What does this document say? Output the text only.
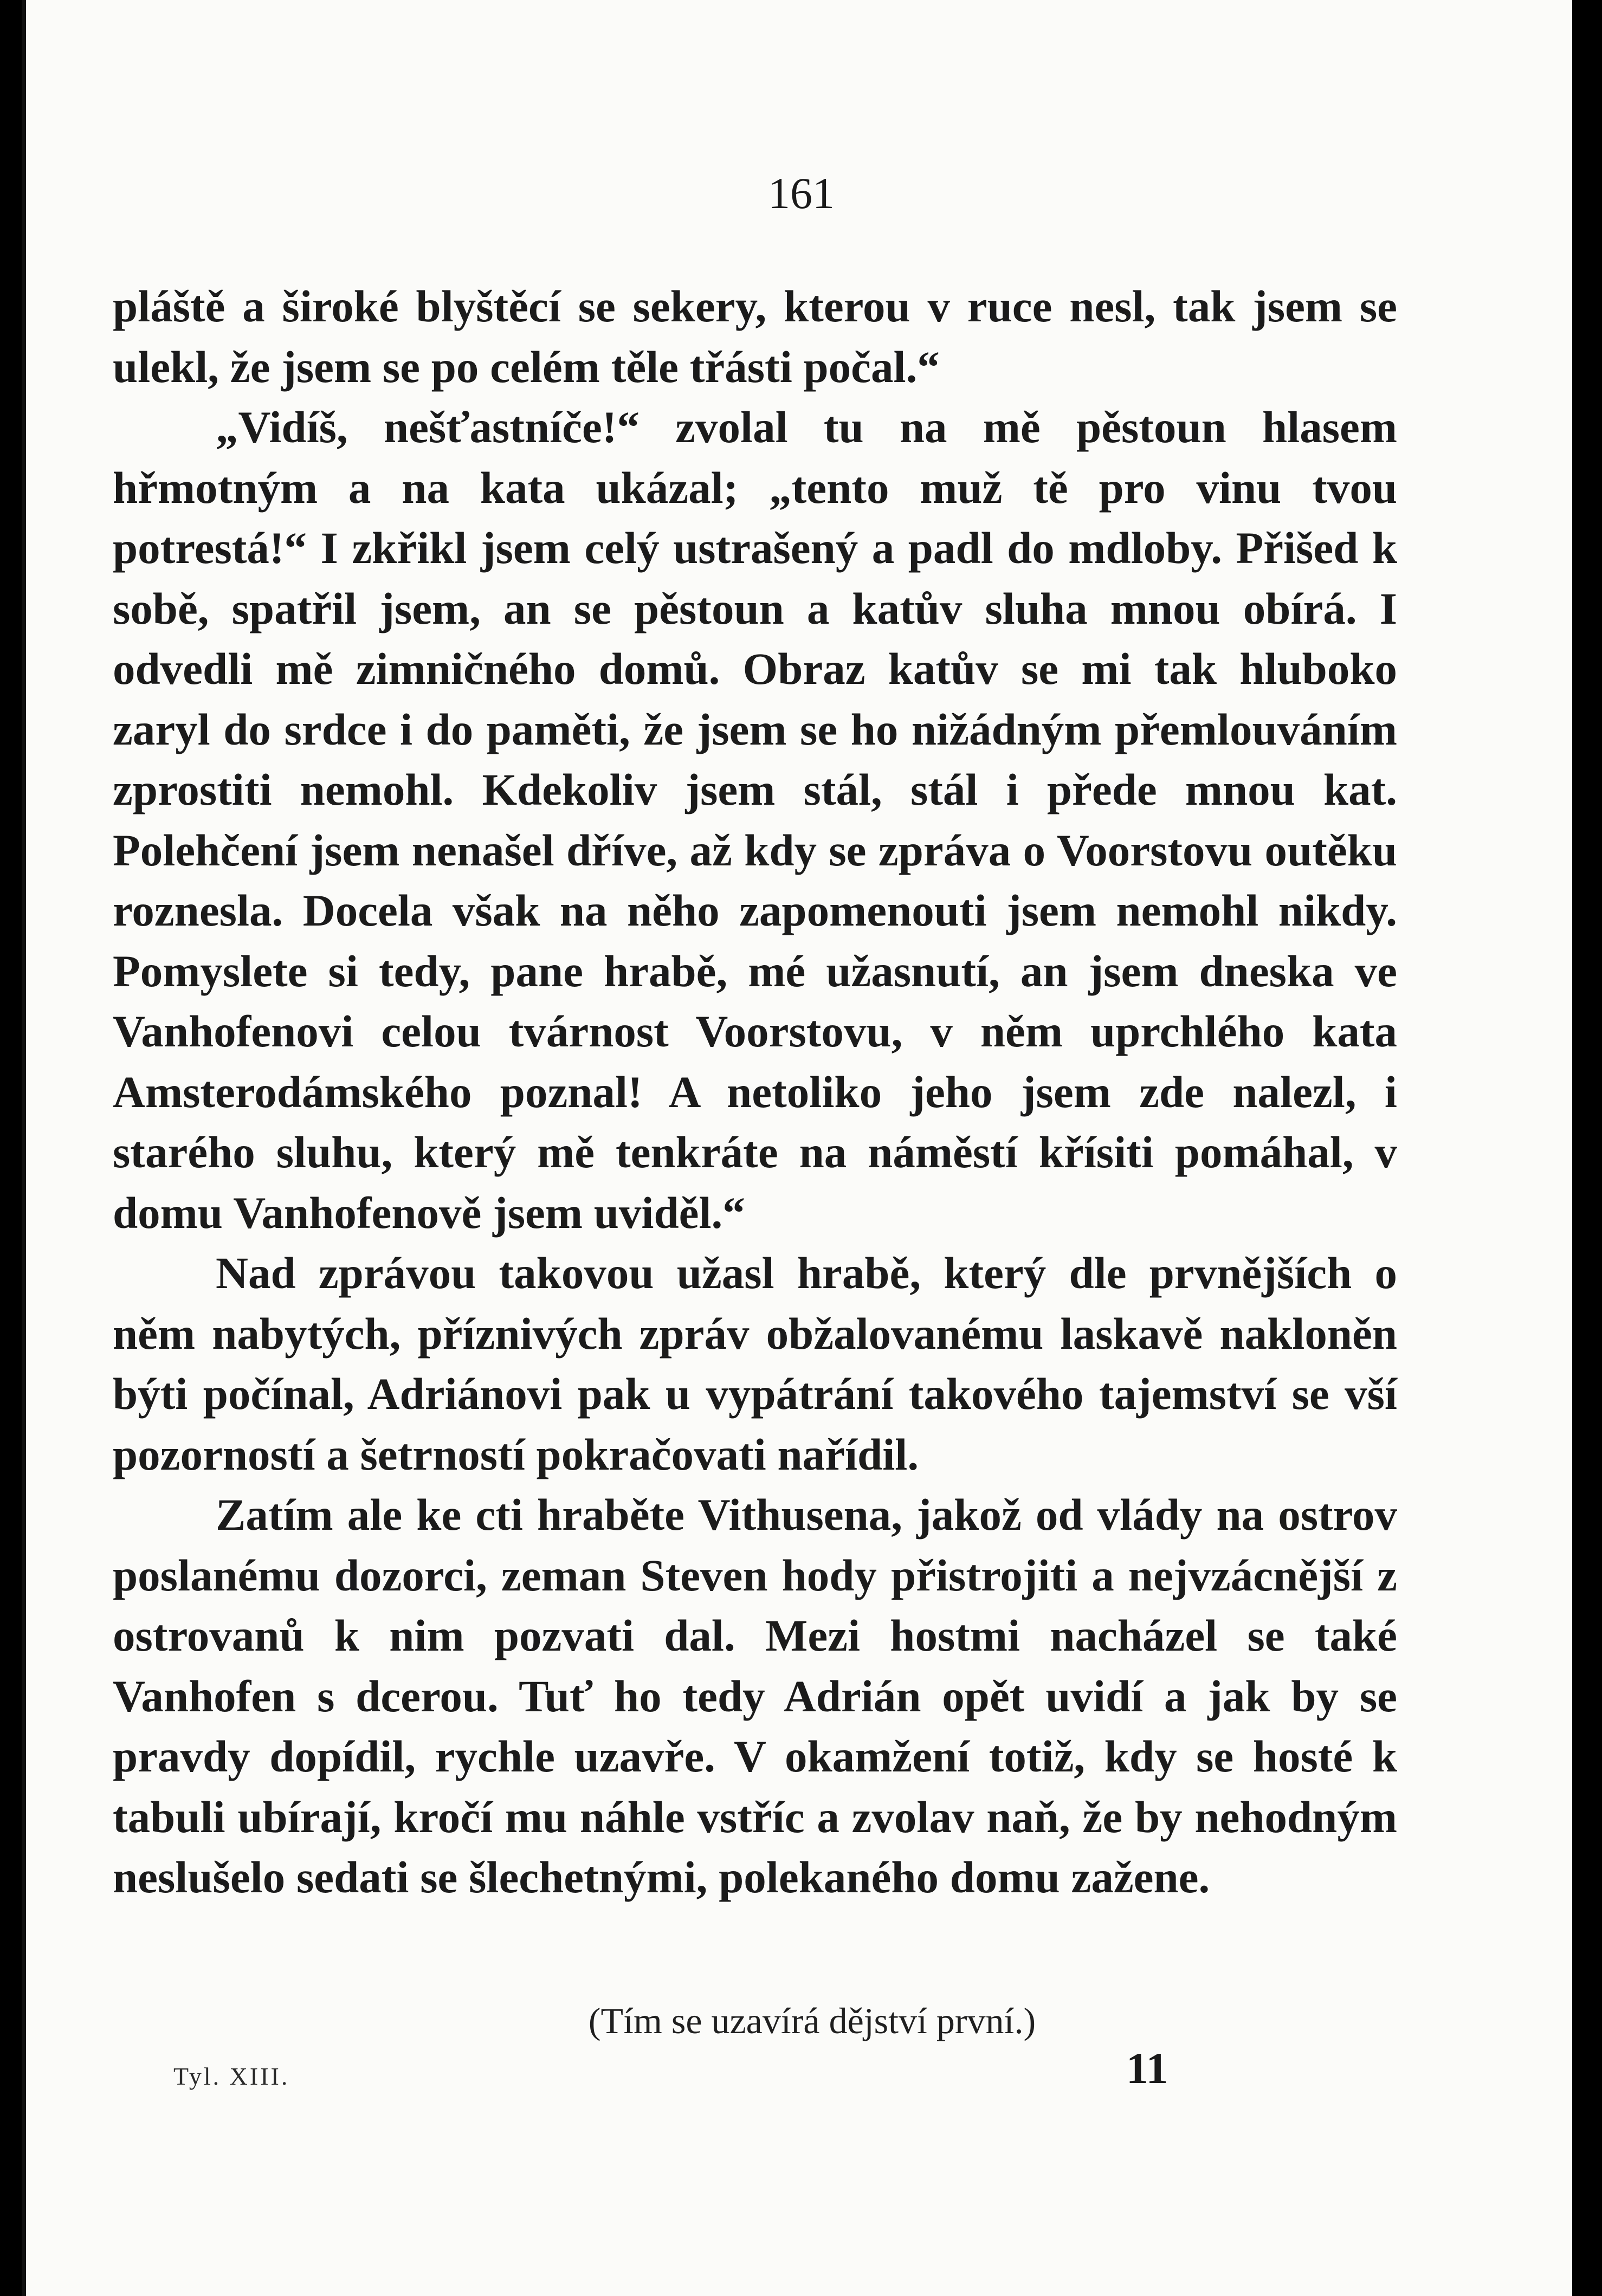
161

pláště a široké blyštěcí se sekery, kterou v ruce nesl, tak jsem se ulekl, že jsem se po celém těle třásti počal.“

„Vidíš, nešťastníče!“ zvolal tu na mě pěstoun hlasem hřmotným a na kata ukázal; „tento muž tě pro vinu tvou potrestá!“ I zkřikl jsem celý ustrašený a padl do mdloby. Přišed k sobě, spatřil jsem, an se pěstoun a katův sluha mnou obírá. I odvedli mě zimničného domů. Obraz katův se mi tak hluboko zaryl do srdce i do paměti, že jsem se ho nižádným přemlouváním zprostiti nemohl. Kdekoliv jsem stál, stál i přede mnou kat. Polehčení jsem nenašel dříve, až kdy se zpráva o Voorstovu outěku roznesla. Docela však na něho zapomenouti jsem nemohl nikdy. Pomyslete si tedy, pane hrabě, mé užasnutí, an jsem dneska ve Vanhofenovi celou tvárnost Voorstovu, v něm uprchlého kata Amsterodámského poznal! A netoliko jeho jsem zde nalezl, i starého sluhu, který mě tenkráte na náměstí křísiti pomáhal, v domu Vanhofenově jsem uviděl.“

Nad zprávou takovou užasl hrabě, který dle prvnějších o něm nabytých, příznivých zpráv obžalovanému laskavě nakloněn býti počínal, Adriánovi pak u vypátrání takového tajemství se vší pozorností a šetrností pokračovati nařídil.

Zatím ale ke cti hraběte Vithusena, jakož od vlády na ostrov poslanému dozorci, zeman Steven hody přistrojiti a nejvzácnější z ostrovanů k nim pozvati dal. Mezi hostmi nacházel se také Vanhofen s dcerou. Tuť ho tedy Adrián opět uvidí a jak by se pravdy dopídil, rychle uzavře. V okamžení totiž, kdy se hosté k tabuli ubírají, kročí mu náhle vstříc a zvolav naň, že by nehodným neslušelo sedati se šlechetnými, polekaného domu zažene.

(Tím se uzavírá dějství první.)

Tyl. XIII.	11
